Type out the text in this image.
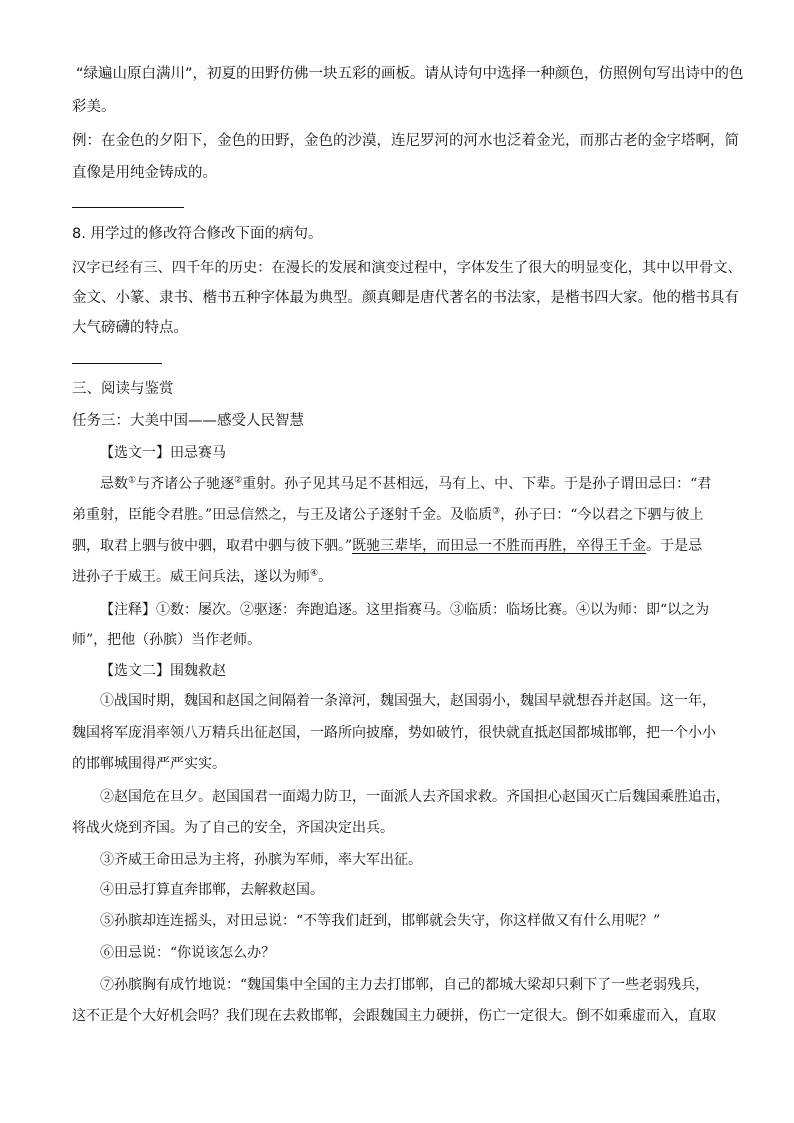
“绿遍山原白满川”，初夏的田野仿佛一块五彩的画板。请从诗句中选择一种颜色，仿照例句写出诗中的色
彩美。
例：在金色的夕阳下，金色的田野，金色的沙漠，连尼罗河的河水也泛着金光，而那古老的金字塔啊，简
直像是用纯金铸成的。
8. 用学过的修改符合修改下面的病句。
汉字已经有三、四千年的历史：在漫长的发展和演变过程中，字体发生了很大的明显变化，其中以甲骨文、
金文、小篆、隶书、楷书五种字体最为典型。颜真卿是唐代著名的书法家，是楷书四大家。他的楷书具有
大气磅礴的特点。
三、阅读与鉴赏
任务三：大美中国——感受人民智慧
【选文一】田忌赛马
忌数①与齐诸公子驰逐②重射。孙子见其马足不甚相远，马有上、中、下辈。于是孙子谓田忌曰：“君
弟重射，臣能令君胜。”田忌信然之，与王及诸公子逐射千金。及临质③，孙子曰：“今以君之下驷与彼上
驷，取君上驷与彼中驷，取君中驷与彼下驷。”既驰三辈毕，而田忌一不胜而再胜，卒得王千金。于是忌
进孙子于威王。威王问兵法，遂以为师④。
【注释】①数：屡次。②驱逐：奔跑追逐。这里指赛马。③临质：临场比赛。④以为师：即“以之为
师”，把他（孙膑）当作老师。
【选文二】围魏救赵
①战国时期，魏国和赵国之间隔着一条漳河，魏国强大，赵国弱小，魏国早就想吞并赵国。这一年，
魏国将军庞涓率领八万精兵出征赵国，一路所向披靡，势如破竹，很快就直抵赵国都城邯郸，把一个小小
的邯郸城围得严严实实。
②赵国危在旦夕。赵国国君一面竭力防卫，一面派人去齐国求救。齐国担心赵国灭亡后魏国乘胜追击，
将战火烧到齐国。为了自己的安全，齐国决定出兵。
③齐威王命田忌为主将，孙膑为军师，率大军出征。
④田忌打算直奔邯郸，去解救赵国。
⑤孙膑却连连摇头，对田忌说：“不等我们赶到，邯郸就会失守，你这样做又有什么用呢？”
⑥田忌说：“你说该怎么办？
⑦孙膑胸有成竹地说：“魏国集中全国的主力去打邯郸，自己的都城大梁却只剩下了一些老弱残兵，
这不正是个大好机会吗？我们现在去救邯郸，会跟魏国主力硬拼，伤亡一定很大。倒不如乘虚而入，直取
